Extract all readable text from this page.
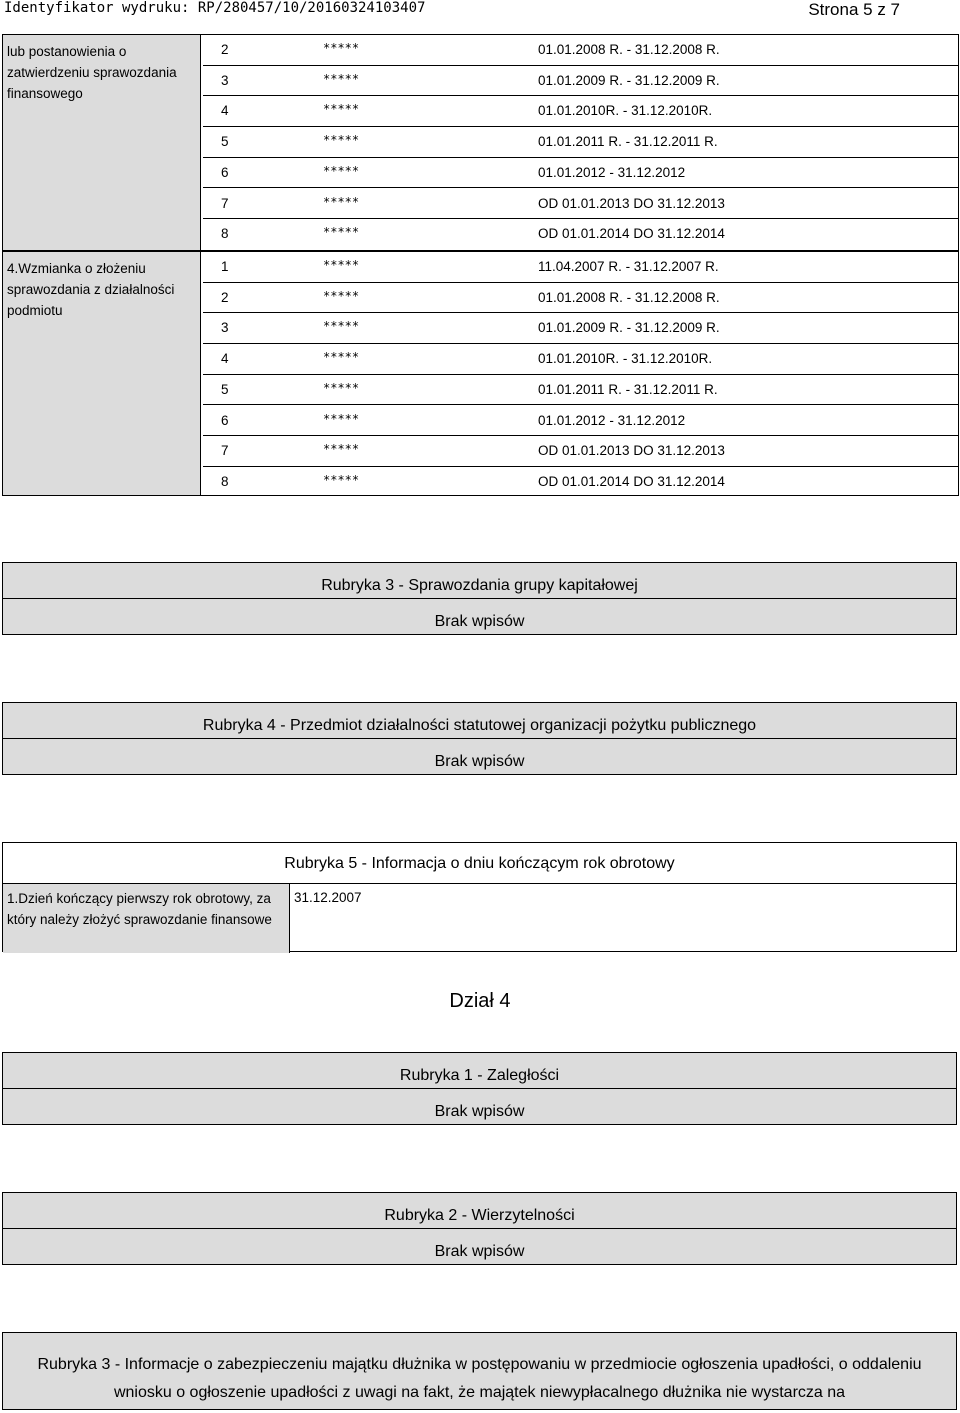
Identyfikator wydruku: RP/280457/10/20160324103407	Strona 5 z 7
lub postanowienia o zatwierdzeniu sprawozdania finansowego
2	*****	01.01.2008 R. - 31.12.2008 R.
3	*****	01.01.2009 R. - 31.12.2009 R.
4	*****	01.01.2010R. - 31.12.2010R.
5	*****	01.01.2011 R. - 31.12.2011 R.
6	*****	01.01.2012 - 31.12.2012
7	*****	OD 01.01.2013 DO 31.12.2013
8	*****	OD 01.01.2014 DO 31.12.2014
4.Wzmianka o złożeniu sprawozdania z działalności podmiotu
1	*****	11.04.2007 R. - 31.12.2007 R.
2	*****	01.01.2008 R. - 31.12.2008 R.
3	*****	01.01.2009 R. - 31.12.2009 R.
4	*****	01.01.2010R. - 31.12.2010R.
5	*****	01.01.2011 R. - 31.12.2011 R.
6	*****	01.01.2012 - 31.12.2012
7	*****	OD 01.01.2013 DO 31.12.2013
8	*****	OD 01.01.2014 DO 31.12.2014
Rubryka 3 - Sprawozdania grupy kapitałowej
Brak wpisów
Rubryka 4 - Przedmiot działalności statutowej organizacji pożytku publicznego
Brak wpisów
Rubryka 5 - Informacja o dniu kończącym rok obrotowy
1.Dzień kończący pierwszy rok obrotowy, za który należy złożyć sprawozdanie finansowe
31.12.2007
Dział 4
Rubryka 1 - Zaległości
Brak wpisów
Rubryka 2 - Wierzytelności
Brak wpisów
Rubryka 3 - Informacje o zabezpieczeniu majątku dłużnika w postępowaniu w przedmiocie ogłoszenia upadłości, o oddaleniu wniosku o ogłoszenie upadłości z uwagi na fakt, że majątek niewypłacalnego dłużnika nie wystarcza na
